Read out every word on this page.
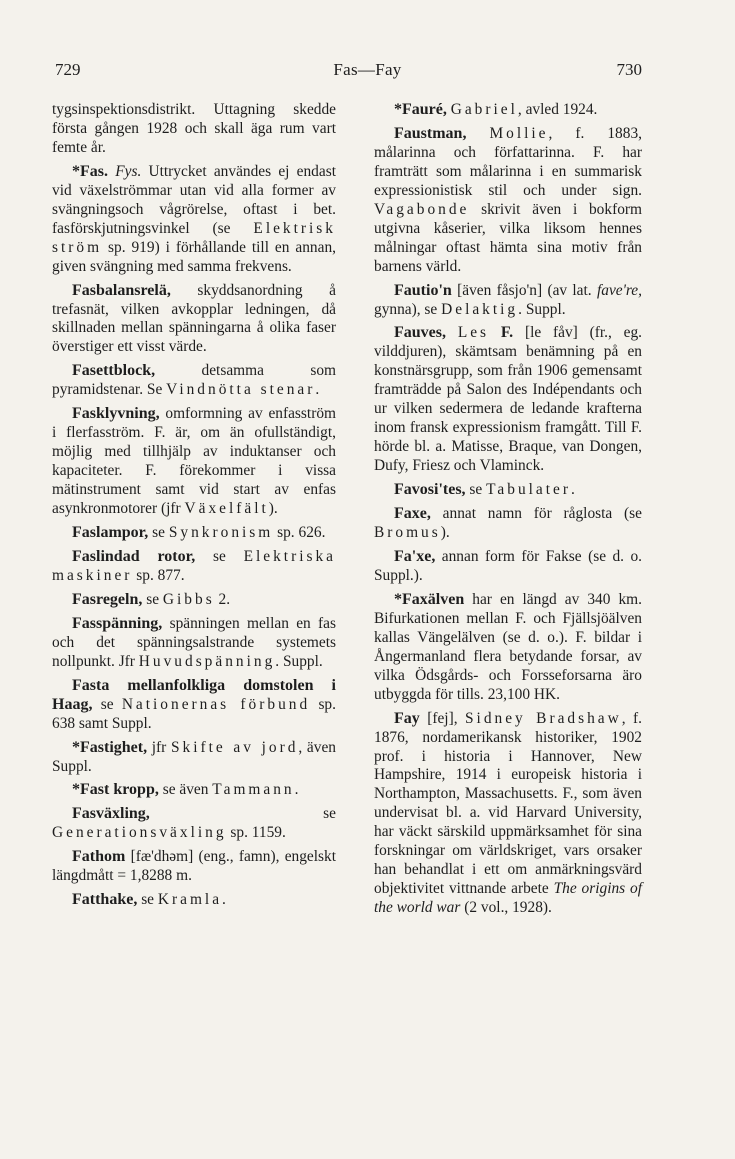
729	Fas—Fay	730

tygsinspektionsdistrikt. Uttagning skedde första gången 1928 och skall äga rum vart femte år.

*Fas. Fys. Uttrycket användes ej endast vid växelströmmar utan vid alla former av svängningsoch vågrörelse, oftast i bet. fasförskjutningsvinkel (se Elektrisk ström sp. 919) i förhållande till en annan, given svängning med samma frekvens.

Fasbalansrelä, skyddsanordning å trefasnät, vilken avkopplar ledningen, då skillnaden mellan spänningarna å olika faser överstiger ett visst värde.

Fasettblock,	detsamma som pyramidstenar. Se Vindnötta stenar.

Fasklyvning, omformning av enfasström i flerfasström. F. är, om än ofullständigt, möjlig med tillhjälp av induktanser och kapaciteter. F. förekommer i vissa mätinstrument samt vid start av enfas asynkronmotorer (jfr Växelfält).

Faslampor, se Synkronism sp. 626.

Faslindad rotor, se Elektriska maskiner sp. 877.

Fasregeln, se Gibbs 2.

Fasspänning, spänningen mellan en fas och det spänningsalstrande systemets nollpunkt. Jfr Huvudspänning. Suppl.

Fasta mellanfolkliga domstolen i Haag, se Nationernas förbund sp. 638 samt Suppl.

*Fastighet, jfr Skifte av jord, även Suppl.

*Fast kropp, se även Tammann.

Fasväxling,	se Generationsväxling sp. 1159.

Fathom [fæ'dhəm] (eng., famn), engelskt längdmått = 1,8288 m.

Fatthake, se Kramla.

*Fauré, Gabriel, avled 1924.

Faustman, Mollie, f. 1883, målarinna och författarinna. F. har framträtt som målarinna i en summarisk expressionistisk stil och under sign. Vagabonde skrivit även i bokform utgivna kåserier, vilka liksom hennes målningar oftast hämta sina motiv från barnens värld.

Fautio'n [även fåsjo'n] (av lat. fave're, gynna), se Delaktig. Suppl.

Fauves, Les F. [le fåv] (fr., eg. vilddjuren), skämtsam benämning på en konstnärsgrupp, som från 1906 gemensamt framträdde på Salon des Indépendants och ur vilken sedermera de ledande krafterna inom fransk expressionism framgått. Till F. hörde bl. a. Matisse, Braque, van Dongen, Dufy, Friesz och Vlaminck.

Favosi'tes, se Tabulater.

Faxe, annat namn för råglosta (se Bromus).

Fa'xe, annan form för Fakse (se d. o. Suppl.).

*Faxälven har en längd av 340 km. Bifurkationen mellan F. och Fjällsjöälven kallas Vängelälven (se d. o.). F. bildar i Ångermanland flera betydande forsar, av vilka Ödsgårds- och Forsseforsarna äro utbyggda för tills. 23,100 HK.

Fay [fej], Sidney Bradshaw, f. 1876, nordamerikansk historiker, 1902 prof. i historia i Hannover, New Hampshire, 1914 i europeisk historia i Northampton, Massachusetts. F., som även undervisat bl. a. vid Harvard University, har väckt särskild uppmärksamhet för sina forskningar om världskriget, vars orsaker han behandlat i ett om anmärkningsvärd objektivitet vittnande arbete The origins of the world war (2 vol., 1928).
